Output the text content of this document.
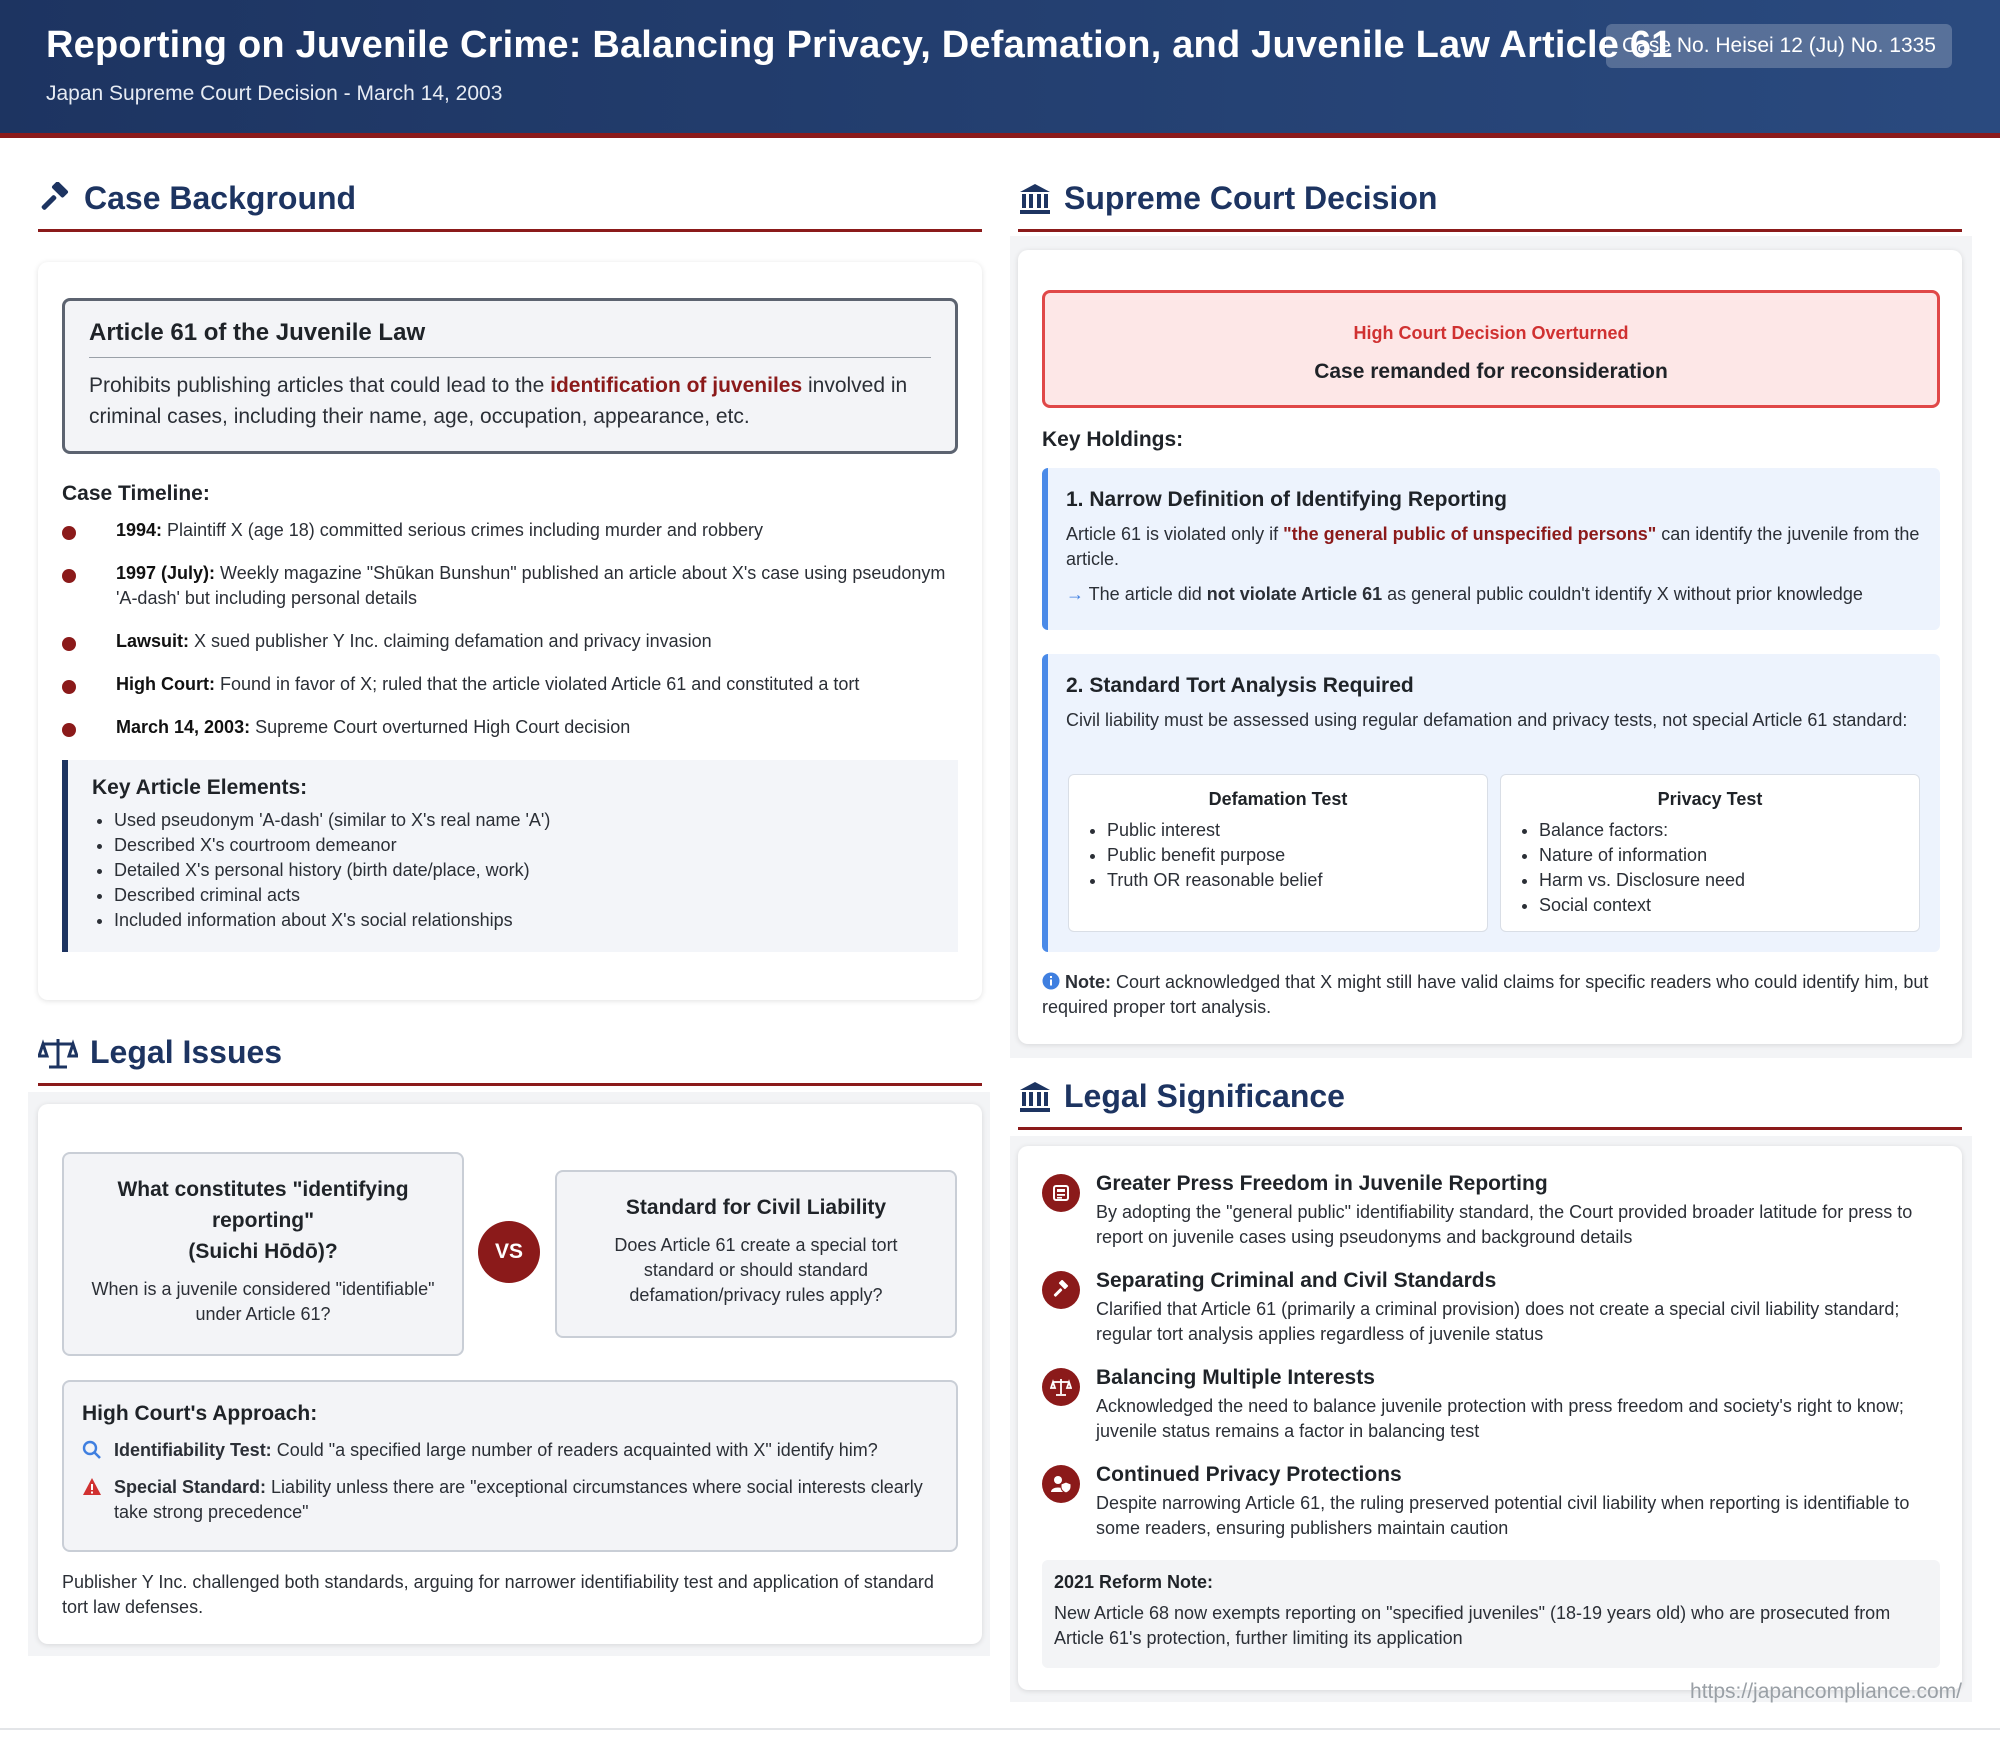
Reporting on Juvenile Crime: Balancing Privacy, Defamation, and Juvenile Law Article 61
Japan Supreme Court Decision - March 14, 2003
Case No. Heisei 12 (Ju) No. 1335
Case Background
Article 61 of the Juvenile Law
Prohibits publishing articles that could lead to the identification of juveniles involved in criminal cases, including their name, age, occupation, appearance, etc.
Case Timeline:
1994: Plaintiff X (age 18) committed serious crimes including murder and robbery
1997 (July): Weekly magazine "Shūkan Bunshun" published an article about X's case using pseudonym 'A-dash' but including personal details
Lawsuit: X sued publisher Y Inc. claiming defamation and privacy invasion
High Court: Found in favor of X; ruled that the article violated Article 61 and constituted a tort
March 14, 2003: Supreme Court overturned High Court decision
Key Article Elements:
• Used pseudonym 'A-dash' (similar to X's real name 'A')
• Described X's courtroom demeanor
• Detailed X's personal history (birth date/place, work)
• Described criminal acts
• Included information about X's social relationships
Legal Issues
What constitutes "identifying
reporting"
(Suichi Hōdō)?
When is a juvenile considered "identifiable" under Article 61?
VS
Standard for Civil Liability
Does Article 61 create a special tort standard or should standard defamation/privacy rules apply?
High Court's Approach:
Identifiability Test: Could "a specified large number of readers acquainted with X" identify him?
Special Standard: Liability unless there are "exceptional circumstances where social interests clearly take strong precedence"
Publisher Y Inc. challenged both standards, arguing for narrower identifiability test and application of standard tort law defenses.
Supreme Court Decision
High Court Decision Overturned
Case remanded for reconsideration
Key Holdings:
1. Narrow Definition of Identifying Reporting
Article 61 is violated only if "the general public of unspecified persons" can identify the juvenile from the article.
→ The article did not violate Article 61 as general public couldn't identify X without prior knowledge
2. Standard Tort Analysis Required
Civil liability must be assessed using regular defamation and privacy tests, not special Article 61 standard:
Defamation Test
• Public interest
• Public benefit purpose
• Truth OR reasonable belief
Privacy Test
• Balance factors:
• Nature of information
• Harm vs. Disclosure need
• Social context
Note: Court acknowledged that X might still have valid claims for specific readers who could identify him, but required proper tort analysis.
Legal Significance
Greater Press Freedom in Juvenile Reporting
By adopting the "general public" identifiability standard, the Court provided broader latitude for press to report on juvenile cases using pseudonyms and background details
Separating Criminal and Civil Standards
Clarified that Article 61 (primarily a criminal provision) does not create a special civil liability standard; regular tort analysis applies regardless of juvenile status
Balancing Multiple Interests
Acknowledged the need to balance juvenile protection with press freedom and society's right to know; juvenile status remains a factor in balancing test
Continued Privacy Protections
Despite narrowing Article 61, the ruling preserved potential civil liability when reporting is identifiable to some readers, ensuring publishers maintain caution
2021 Reform Note:
New Article 68 now exempts reporting on "specified juveniles" (18-19 years old) who are prosecuted from Article 61's protection, further limiting its application
https://japancompliance.com/
